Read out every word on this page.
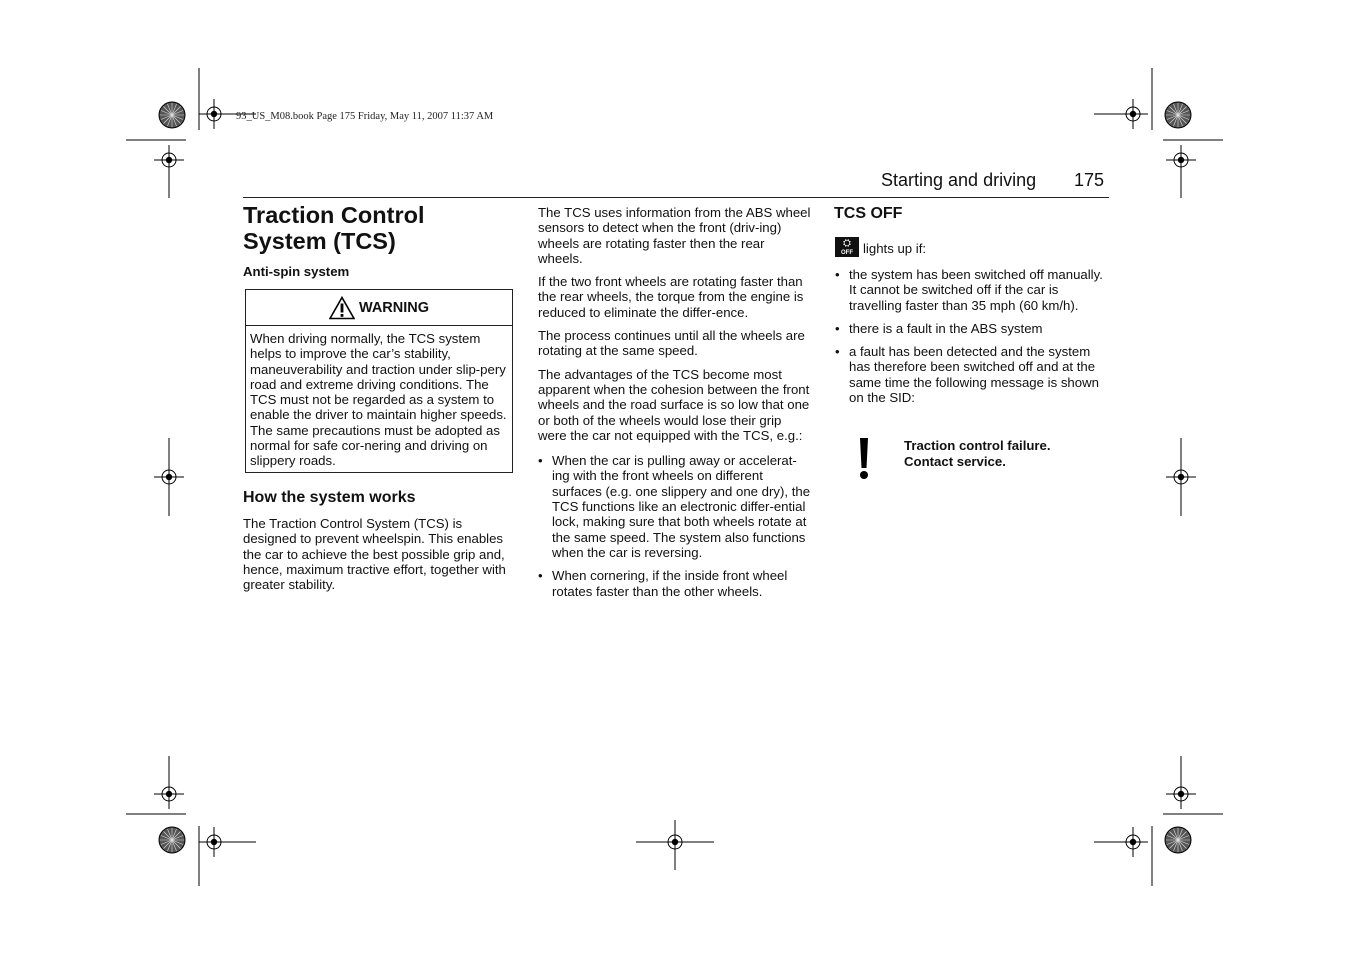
93_US_M08.book Page 175 Friday, May 11, 2007 11:37 AM
Starting and driving 175
Traction Control
System (TCS)
Anti-spin system
WARNING
When driving normally, the TCS system helps to improve the car’s stability, maneuverability and traction under slip-pery road and extreme driving conditions. The TCS must not be regarded as a system to enable the driver to maintain higher speeds. The same precautions must be adopted as normal for safe cor-nering and driving on slippery roads.
How the system works
The Traction Control System (TCS) is designed to prevent wheelspin. This enables the car to achieve the best possible grip and, hence, maximum tractive effort, together with greater stability.

The TCS uses information from the ABS wheel sensors to detect when the front (driv-ing) wheels are rotating faster then the rear wheels.

If the two front wheels are rotating faster than the rear wheels, the torque from the engine is reduced to eliminate the differ-ence.

The process continues until all the wheels are rotating at the same speed.

The advantages of the TCS become most apparent when the cohesion between the front wheels and the road surface is so low that one or both of the wheels would lose their grip were the car not equipped with the TCS, e.g.:

• When the car is pulling away or accelerat-ing with the front wheels on different surfaces (e.g. one slippery and one dry), the TCS functions like an electronic differ-ential lock, making sure that both wheels rotate at the same speed. The system also functions when the car is reversing.
• When cornering, if the inside front wheel rotates faster than the other wheels.
TCS OFF

⛭
OFF lights up if:

• the system has been switched off manually. It cannot be switched off if the car is travelling faster than 35 mph (60 km/h).
• there is a fault in the ABS system
• a fault has been detected and the system has therefore been switched off and at the same time the following message is shown on the SID:
Traction control failure.
Contact service.
